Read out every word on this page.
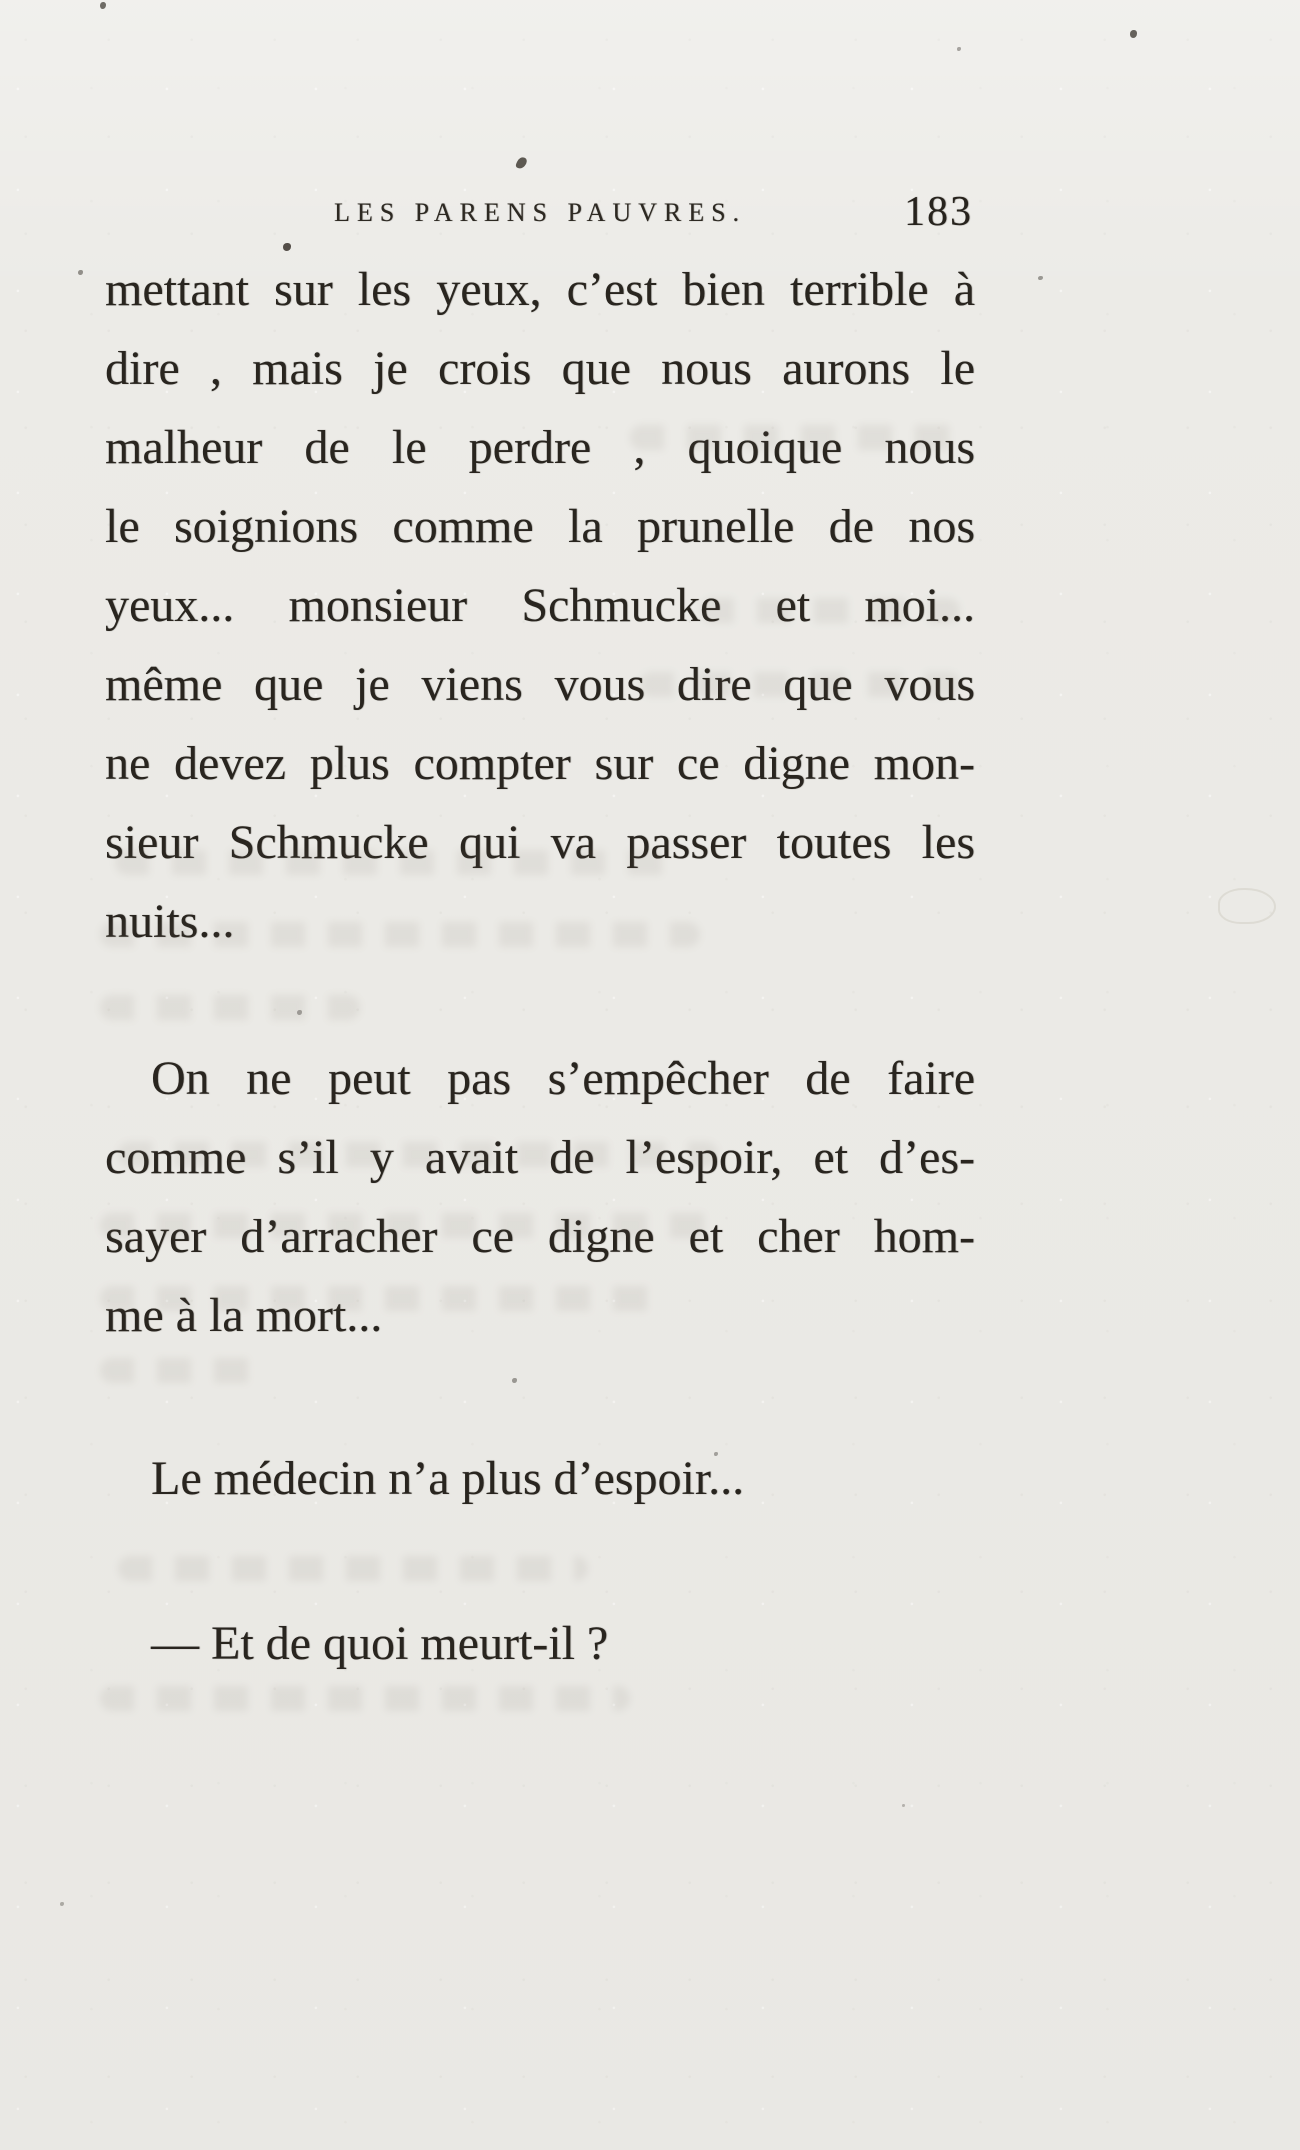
LES PARENS PAUVRES.	183
mettant sur les yeux, c’est bien terrible à
dire , mais je crois que nous aurons le
malheur de le perdre , quoique nous
le soignions comme la prunelle de nos
yeux... monsieur Schmucke et moi...
même que je viens vous dire que vous
ne devez plus compter sur ce digne mon-
sieur Schmucke qui va passer toutes les
nuits...
On ne peut pas s’empêcher de faire
comme s’il y avait de l’espoir, et d’es-
sayer d’arracher ce digne et cher hom-
me à la mort...
Le médecin n’a plus d’espoir...
— Et de quoi meurt-il ?
